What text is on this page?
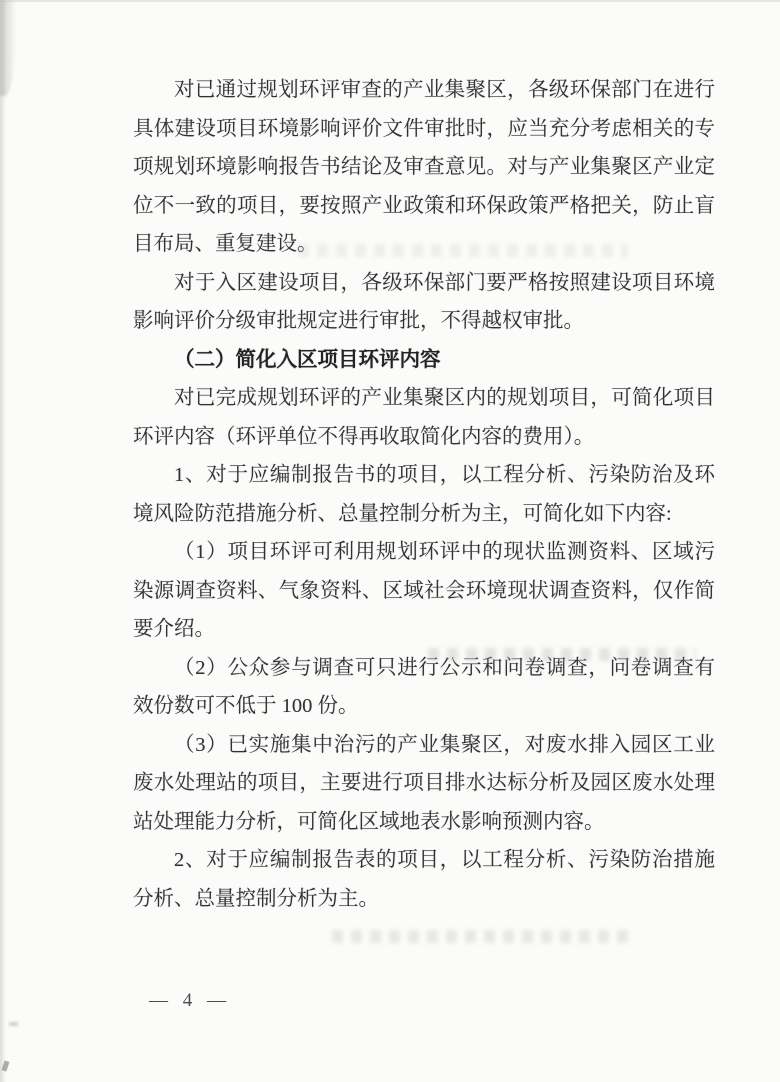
对已通过规划环评审查的产业集聚区，各级环保部门在进行具体建设项目环境影响评价文件审批时，应当充分考虑相关的专项规划环境影响报告书结论及审查意见。对与产业集聚区产业定位不一致的项目，要按照产业政策和环保政策严格把关，防止盲目布局、重复建设。

对于入区建设项目，各级环保部门要严格按照建设项目环境影响评价分级审批规定进行审批，不得越权审批。

（二）简化入区项目环评内容

对已完成规划环评的产业集聚区内的规划项目，可简化项目环评内容（环评单位不得再收取简化内容的费用）。

1、对于应编制报告书的项目，以工程分析、污染防治及环境风险防范措施分析、总量控制分析为主，可简化如下内容:

（1）项目环评可利用规划环评中的现状监测资料、区域污染源调查资料、气象资料、区域社会环境现状调查资料，仅作简要介绍。

（2）公众参与调查可只进行公示和问卷调查，问卷调查有效份数可不低于 100 份。

（3）已实施集中治污的产业集聚区，对废水排入园区工业废水处理站的项目，主要进行项目排水达标分析及园区废水处理站处理能力分析，可简化区域地表水影响预测内容。

2、对于应编制报告表的项目，以工程分析、污染防治措施分析、总量控制分析为主。

— 4 —
